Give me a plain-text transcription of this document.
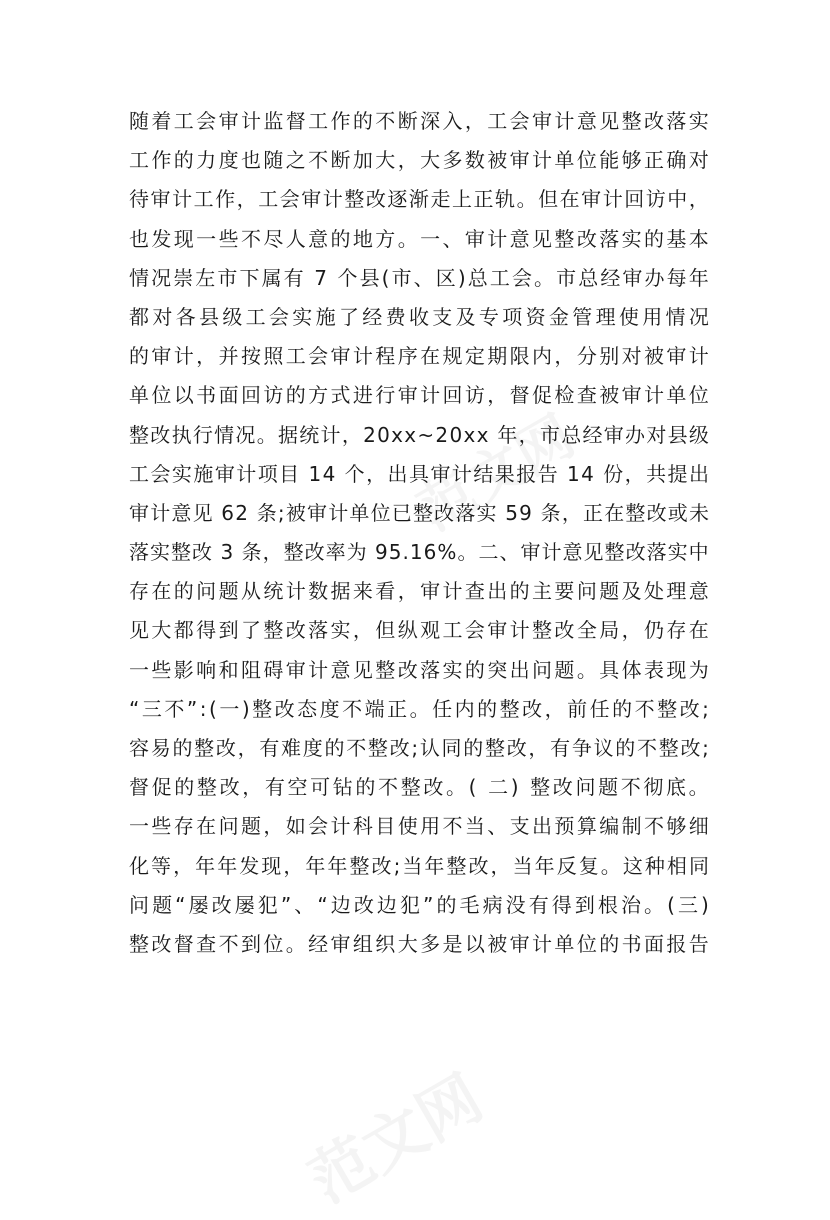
随 着 工 会 审 计 监 督 工 作 的 不 断 深 入 ， 工 会 审 计 意 见 整 改 落 实
工 作 的 力 度 也 随 之 不 断 加 大 ， 大 多 数 被 审 计 单 位 能 够 正 确 对
待 审 计 工 作 ， 工 会 审 计 整 改 逐 渐 走 上 正 轨 。 但 在 审 计 回 访 中 ，
也 发 现 一 些 不 尽 人 意 的 地 方 。 一 、 审 计 意 见 整 改 落 实 的 基 本
情 况 崇 左 市 下 属 有
7
个 县 ( 市 、 区 ) 总 工 会 。 市 总 经 审 办 每 年
都 对 各 县 级 工 会 实 施 了 经 费 收 支 及 专 项 资 金 管 理 使 用 情 况
的 审 计 ， 并 按 照 工 会 审 计 程 序 在 规 定 期 限 内 ， 分 别 对 被 审 计
单 位 以 书 面 回 访 的 方 式 进 行 审 计 回 访 ， 督 促 检 查 被 审 计 单 位
整 改 执 行 情 况 。 据 统 计 ， 2 0 x x ~ 2 0 x x
年 ， 市 总 经 审 办 对 县 级
工 会 实 施 审 计 项 目
1 4
个 ， 出 具 审 计 结 果 报 告
1 4
份 ， 共 提 出
审 计 意 见
6 2
条 ; 被 审 计 单 位 已 整 改 落 实
5 9
条 ， 正 在 整 改 或 未
落 实 整 改
3
条 ， 整 改 率 为
9 5 . 1 6 % 。 二 、 审 计 意 见 整 改 落 实 中
存 在 的 问 题 从 统 计 数 据 来 看 ， 审 计 查 出 的 主 要 问 题 及 处 理 意
见 大 都 得 到 了 整 改 落 实 ， 但 纵 观 工 会 审 计 整 改 全 局 ， 仍 存 在
一 些 影 响 和 阻 碍 审 计 意 见 整 改 落 实 的 突 出 问 题 。 具 体 表 现 为
“ 三 不 ” : ( 一 ) 整 改 态 度 不 端 正 。 任 内 的 整 改 ， 前 任 的 不 整 改 ;
容 易 的 整 改 ， 有 难 度 的 不 整 改 ; 认 同 的 整 改 ， 有 争 议 的 不 整 改 ;
督 促 的 整 改 ， 有 空 可 钻 的 不 整 改 。 (
二 )
整 改 问 题 不 彻 底 。
一 些 存 在 问 题 ， 如 会 计 科 目 使 用 不 当 、 支 出 预 算 编 制 不 够 细
化 等 ， 年 年 发 现 ， 年 年 整 改 ; 当 年 整 改 ， 当 年 反 复 。 这 种 相 同
问 题 “ 屡 改 屡 犯 ” 、 “ 边 改 边 犯 ” 的 毛 病 没 有 得 到 根 治 。 ( 三 )
整 改 督 查 不 到 位 。 经 审 组 织 大 多 是 以 被 审 计 单 位 的 书 面 报 告
